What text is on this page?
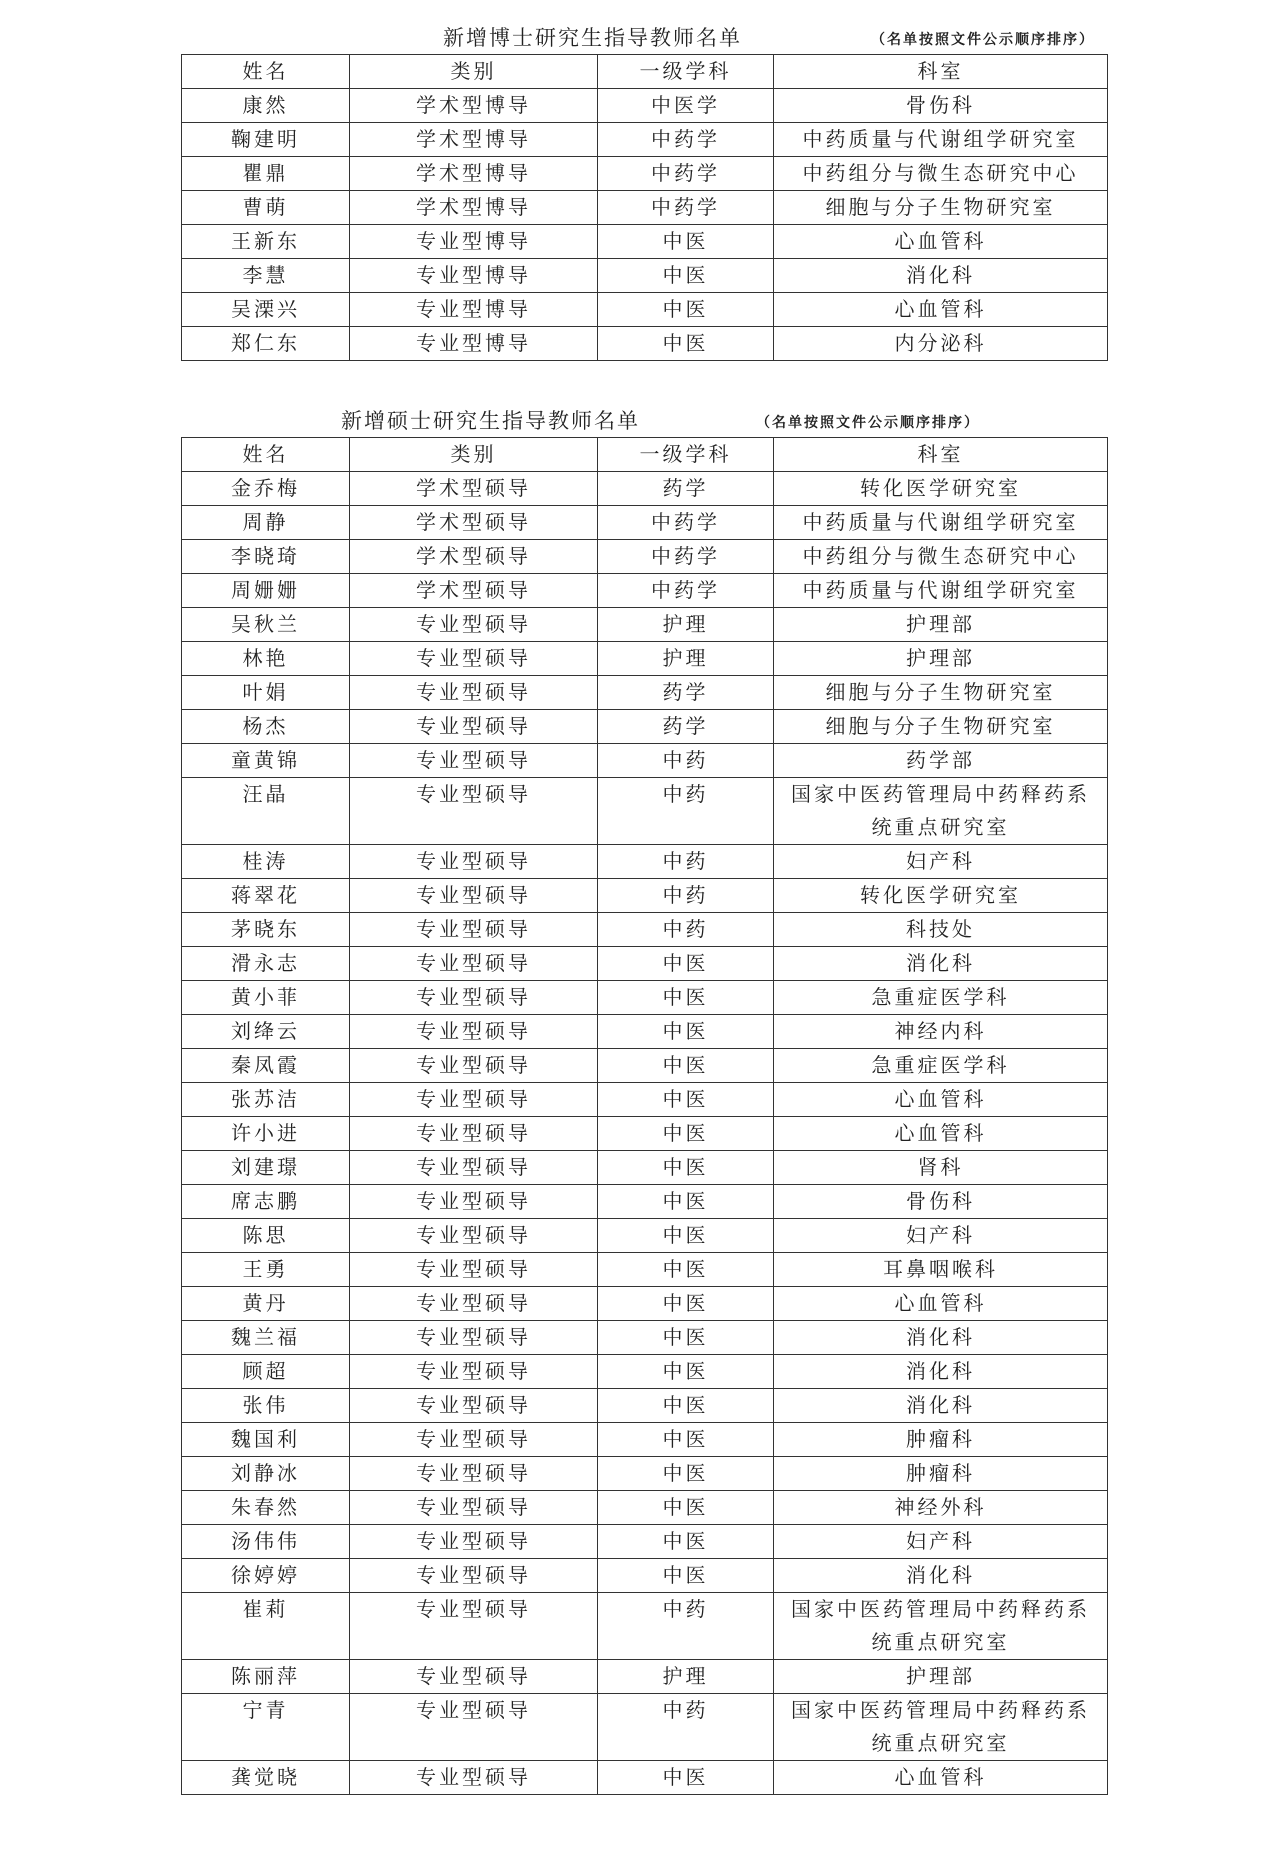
新增博士研究生指导教师名单	（名单按照文件公示顺序排序）
姓名	类别	一级学科	科室
康然	学术型博导	中医学	骨伤科
鞠建明	学术型博导	中药学	中药质量与代谢组学研究室
瞿鼎	学术型博导	中药学	中药组分与微生态研究中心
曹萌	学术型博导	中药学	细胞与分子生物研究室
王新东	专业型博导	中医	心血管科
李慧	专业型博导	中医	消化科
吴溧兴	专业型博导	中医	心血管科
郑仁东	专业型博导	中医	内分泌科
新增硕士研究生指导教师名单	（名单按照文件公示顺序排序）
姓名	类别	一级学科	科室
金乔梅	学术型硕导	药学	转化医学研究室
周静	学术型硕导	中药学	中药质量与代谢组学研究室
李晓琦	学术型硕导	中药学	中药组分与微生态研究中心
周姗姗	学术型硕导	中药学	中药质量与代谢组学研究室
吴秋兰	专业型硕导	护理	护理部
林艳	专业型硕导	护理	护理部
叶娟	专业型硕导	药学	细胞与分子生物研究室
杨杰	专业型硕导	药学	细胞与分子生物研究室
童黄锦	专业型硕导	中药	药学部
汪晶	专业型硕导	中药	国家中医药管理局中药释药系
统重点研究室

桂涛	专业型硕导	中药	妇产科
蒋翠花	专业型硕导	中药	转化医学研究室
茅晓东	专业型硕导	中药	科技处
滑永志	专业型硕导	中医	消化科
黄小菲	专业型硕导	中医	急重症医学科
刘绛云	专业型硕导	中医	神经内科
秦凤霞	专业型硕导	中医	急重症医学科
张苏洁	专业型硕导	中医	心血管科
许小进	专业型硕导	中医	心血管科
刘建璟	专业型硕导	中医	肾科
席志鹏	专业型硕导	中医	骨伤科
陈思	专业型硕导	中医	妇产科
王勇	专业型硕导	中医	耳鼻咽喉科
黄丹	专业型硕导	中医	心血管科
魏兰福	专业型硕导	中医	消化科
顾超	专业型硕导	中医	消化科
张伟	专业型硕导	中医	消化科
魏国利	专业型硕导	中医	肿瘤科
刘静冰	专业型硕导	中医	肿瘤科
朱春然	专业型硕导	中医	神经外科
汤伟伟	专业型硕导	中医	妇产科
徐婷婷	专业型硕导	中医	消化科
崔莉	专业型硕导	中药	国家中医药管理局中药释药系
统重点研究室

陈丽萍	专业型硕导	护理	护理部
宁青	专业型硕导	中药	国家中医药管理局中药释药系
统重点研究室

龚觉晓	专业型硕导	中医	心血管科
